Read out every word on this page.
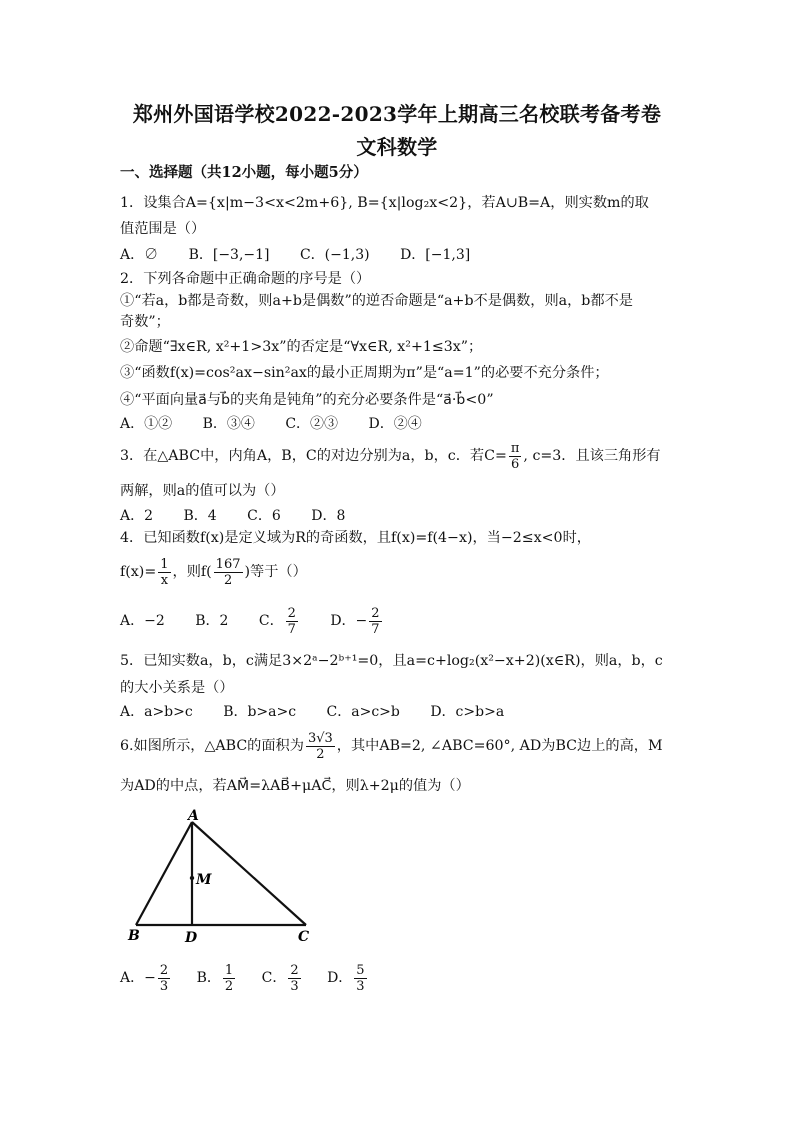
郑州外国语学校2022-2023学年上期高三名校联考备考卷
文科数学
一、选择题（共12小题，每小题5分）
1．设集合A={x|m−3<x<2m+6}, B={x|log₂x<2}，若A∪B=A，则实数m的取
值范围是（）
A．∅ B．[−3,−1] C．(−1,3) D．[−1,3]
2．下列各命题中正确命题的序号是（）
①“若a，b都是奇数，则a+b是偶数”的逆否命题是“a+b不是偶数，则a，b都不是
奇数”；
②命题“∃x∈R, x²+1>3x”的否定是“∀x∈R, x²+1≤3x”；
③“函数f(x)=cos²ax−sin²ax的最小正周期为π”是“a=1”的必要不充分条件；
④“平面向量a⃗与b⃗的夹角是钝角”的充分必要条件是“a⃗·b⃗<0”
A．①② B．③④ C．②③ D．②④
3．在△ABC中，内角A，B，C的对边分别为a，b，c．若$C= \frac{\pi}{6}$ , c=3．且该三角形有
两解，则a的值可以为（）
A．2 B．4 C．6 D．8
4．已知函数f(x)是定义域为R的奇函数，且f(x)=f(4−x)，当−2≤x<0时，
$f(x)= \frac{1}{x}$ ，则$f( \frac{167}{2}$ )等于（）
A．−2 B．2 C． $\frac{2}{7}$ D．− $\frac{2}{7}$
5．已知实数a，b，c满足3×2ᵃ−2ᵇ⁺¹=0，且a=c+log₂(x²−x+2)(x∈R)，则a，b，c
的大小关系是（）
A．a>b>c B．b>a>c C．a>c>b D．c>b>a
6.如图所示，△ABC的面积为 $\frac{3√3}{2}$ ，其中AB=2, ∠ABC=60°, AD为BC边上的高，M
为AD的中点，若AM⃗=λAB⃗+μAC⃗，则λ+2μ的值为（）
A
M
B	D	C
A．− $\frac{2}{3}$ B． $\frac{1}{2}$ C． $\frac{2}{3}$ D． $\frac{5}{3}$
